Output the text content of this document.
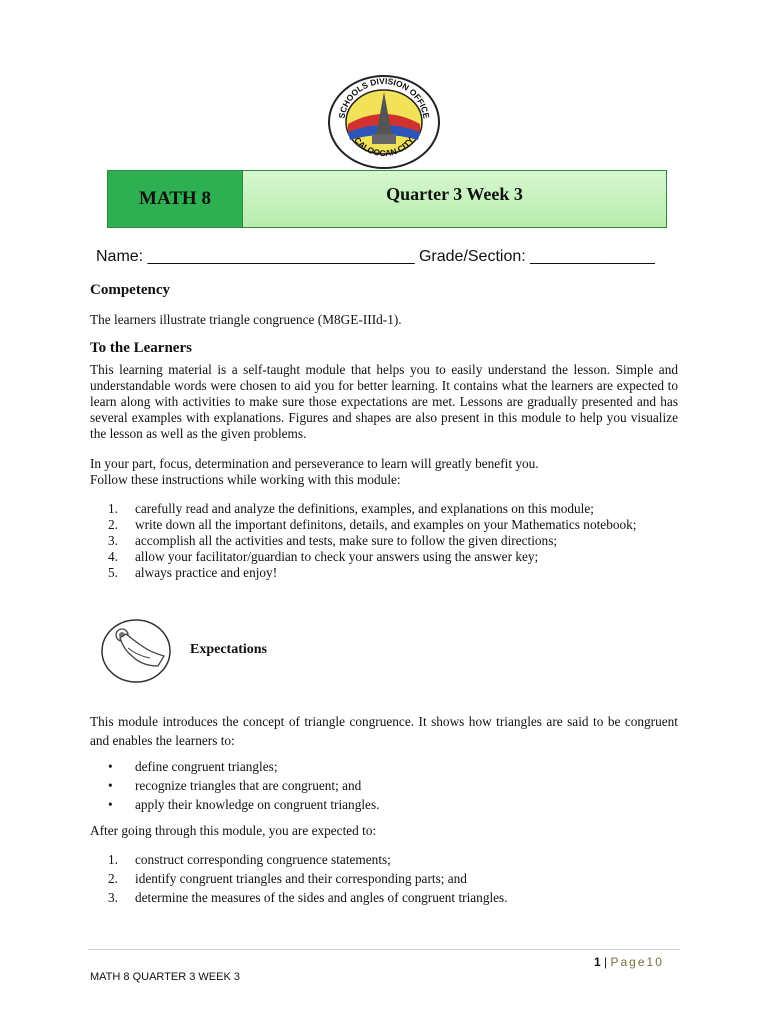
SCHOOLS DIVISION OFFICE
CALOOCAN CITY
MATH 8	Quarter 3 Week 3
Name: ______________________________ Grade/Section: ______________
Competency

The learners illustrate triangle congruence (M8GE-IIId-1).

To the Learners

This learning material is a self-taught module that helps you to easily understand the lesson. Simple and understandable words were chosen to aid you for better learning. It contains what the learners are expected to learn along with activities to make sure those expectations are met. Lessons are gradually presented and has several examples with explanations. Figures and shapes are also present in this module to help you visualize the lesson as well as the given problems.

In your part, focus, determination and perseverance to learn will greatly benefit you.

Follow these instructions while working with this module:

1.	carefully read and analyze the definitions, examples, and explanations on this module;
2.	write down all the important definitons, details, and examples on your Mathematics notebook;
3.	accomplish all the activities and tests, make sure to follow the given directions;
4.	allow your facilitator/guardian to check your answers using the answer key;
5.	always practice and enjoy!
Expectations

This module introduces the concept of triangle congruence. It shows how triangles are said to be congruent and enables the learners to:

•	define congruent triangles;
•	recognize triangles that are congruent; and
•	apply their knowledge on congruent triangles.

After going through this module, you are expected to:

1.	construct corresponding congruence statements;
2.	identify congruent triangles and their corresponding parts; and
3.	determine the measures of the sides and angles of congruent triangles.
1 | Page10
MATH 8 QUARTER 3 WEEK 3
